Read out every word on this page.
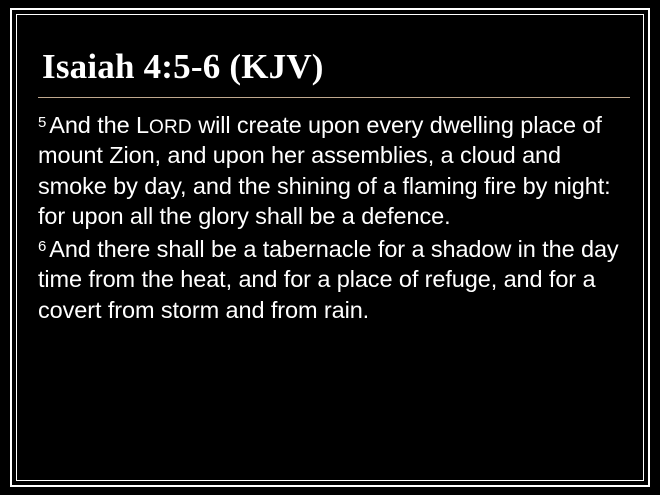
Isaiah 4:5-6 (KJV)

$^5$ And the LORD will create upon every dwelling place of mount Zion, and upon her assemblies, a cloud and smoke by day, and the shining of a flaming fire by night: for upon all the glory shall be a defence.

$^6$ And there shall be a tabernacle for a shadow in the day time from the heat, and for a place of refuge, and for a covert from storm and from rain.
